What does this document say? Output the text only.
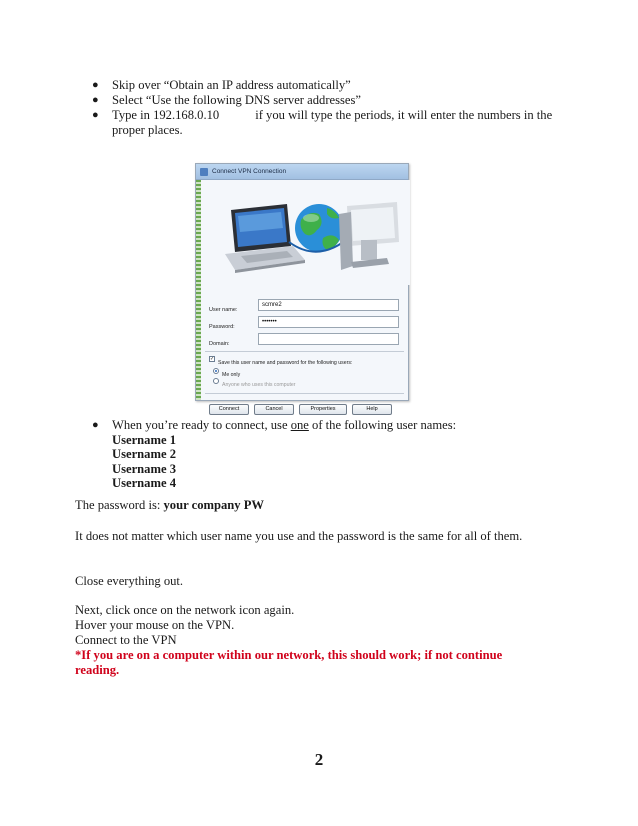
● Skip over “Obtain an IP address automatically”
● Select “Use the following DNS server addresses”
● Type in 192.168.0.10	if you will type the periods, it will enter the numbers in the proper places.
Connect VPN Connection
User name:
scmre2
Password:
•••••••
Domain:
✓
Save this user name and password for the following users:
Me only
Anyone who uses this computer
Connect	Cancel	Properties	Help
● When you’re ready to connect, use one of the following user names:
Username 1
Username 2
Username 3
Username 4
The password is: your company PW
It does not matter which user name you use and the password is the same for all of them.
Close everything out.
Next, click once on the network icon again.
Hover your mouse on the VPN.
Connect to the VPN
*If you are on a computer within our network, this should work; if not continue reading.
2
